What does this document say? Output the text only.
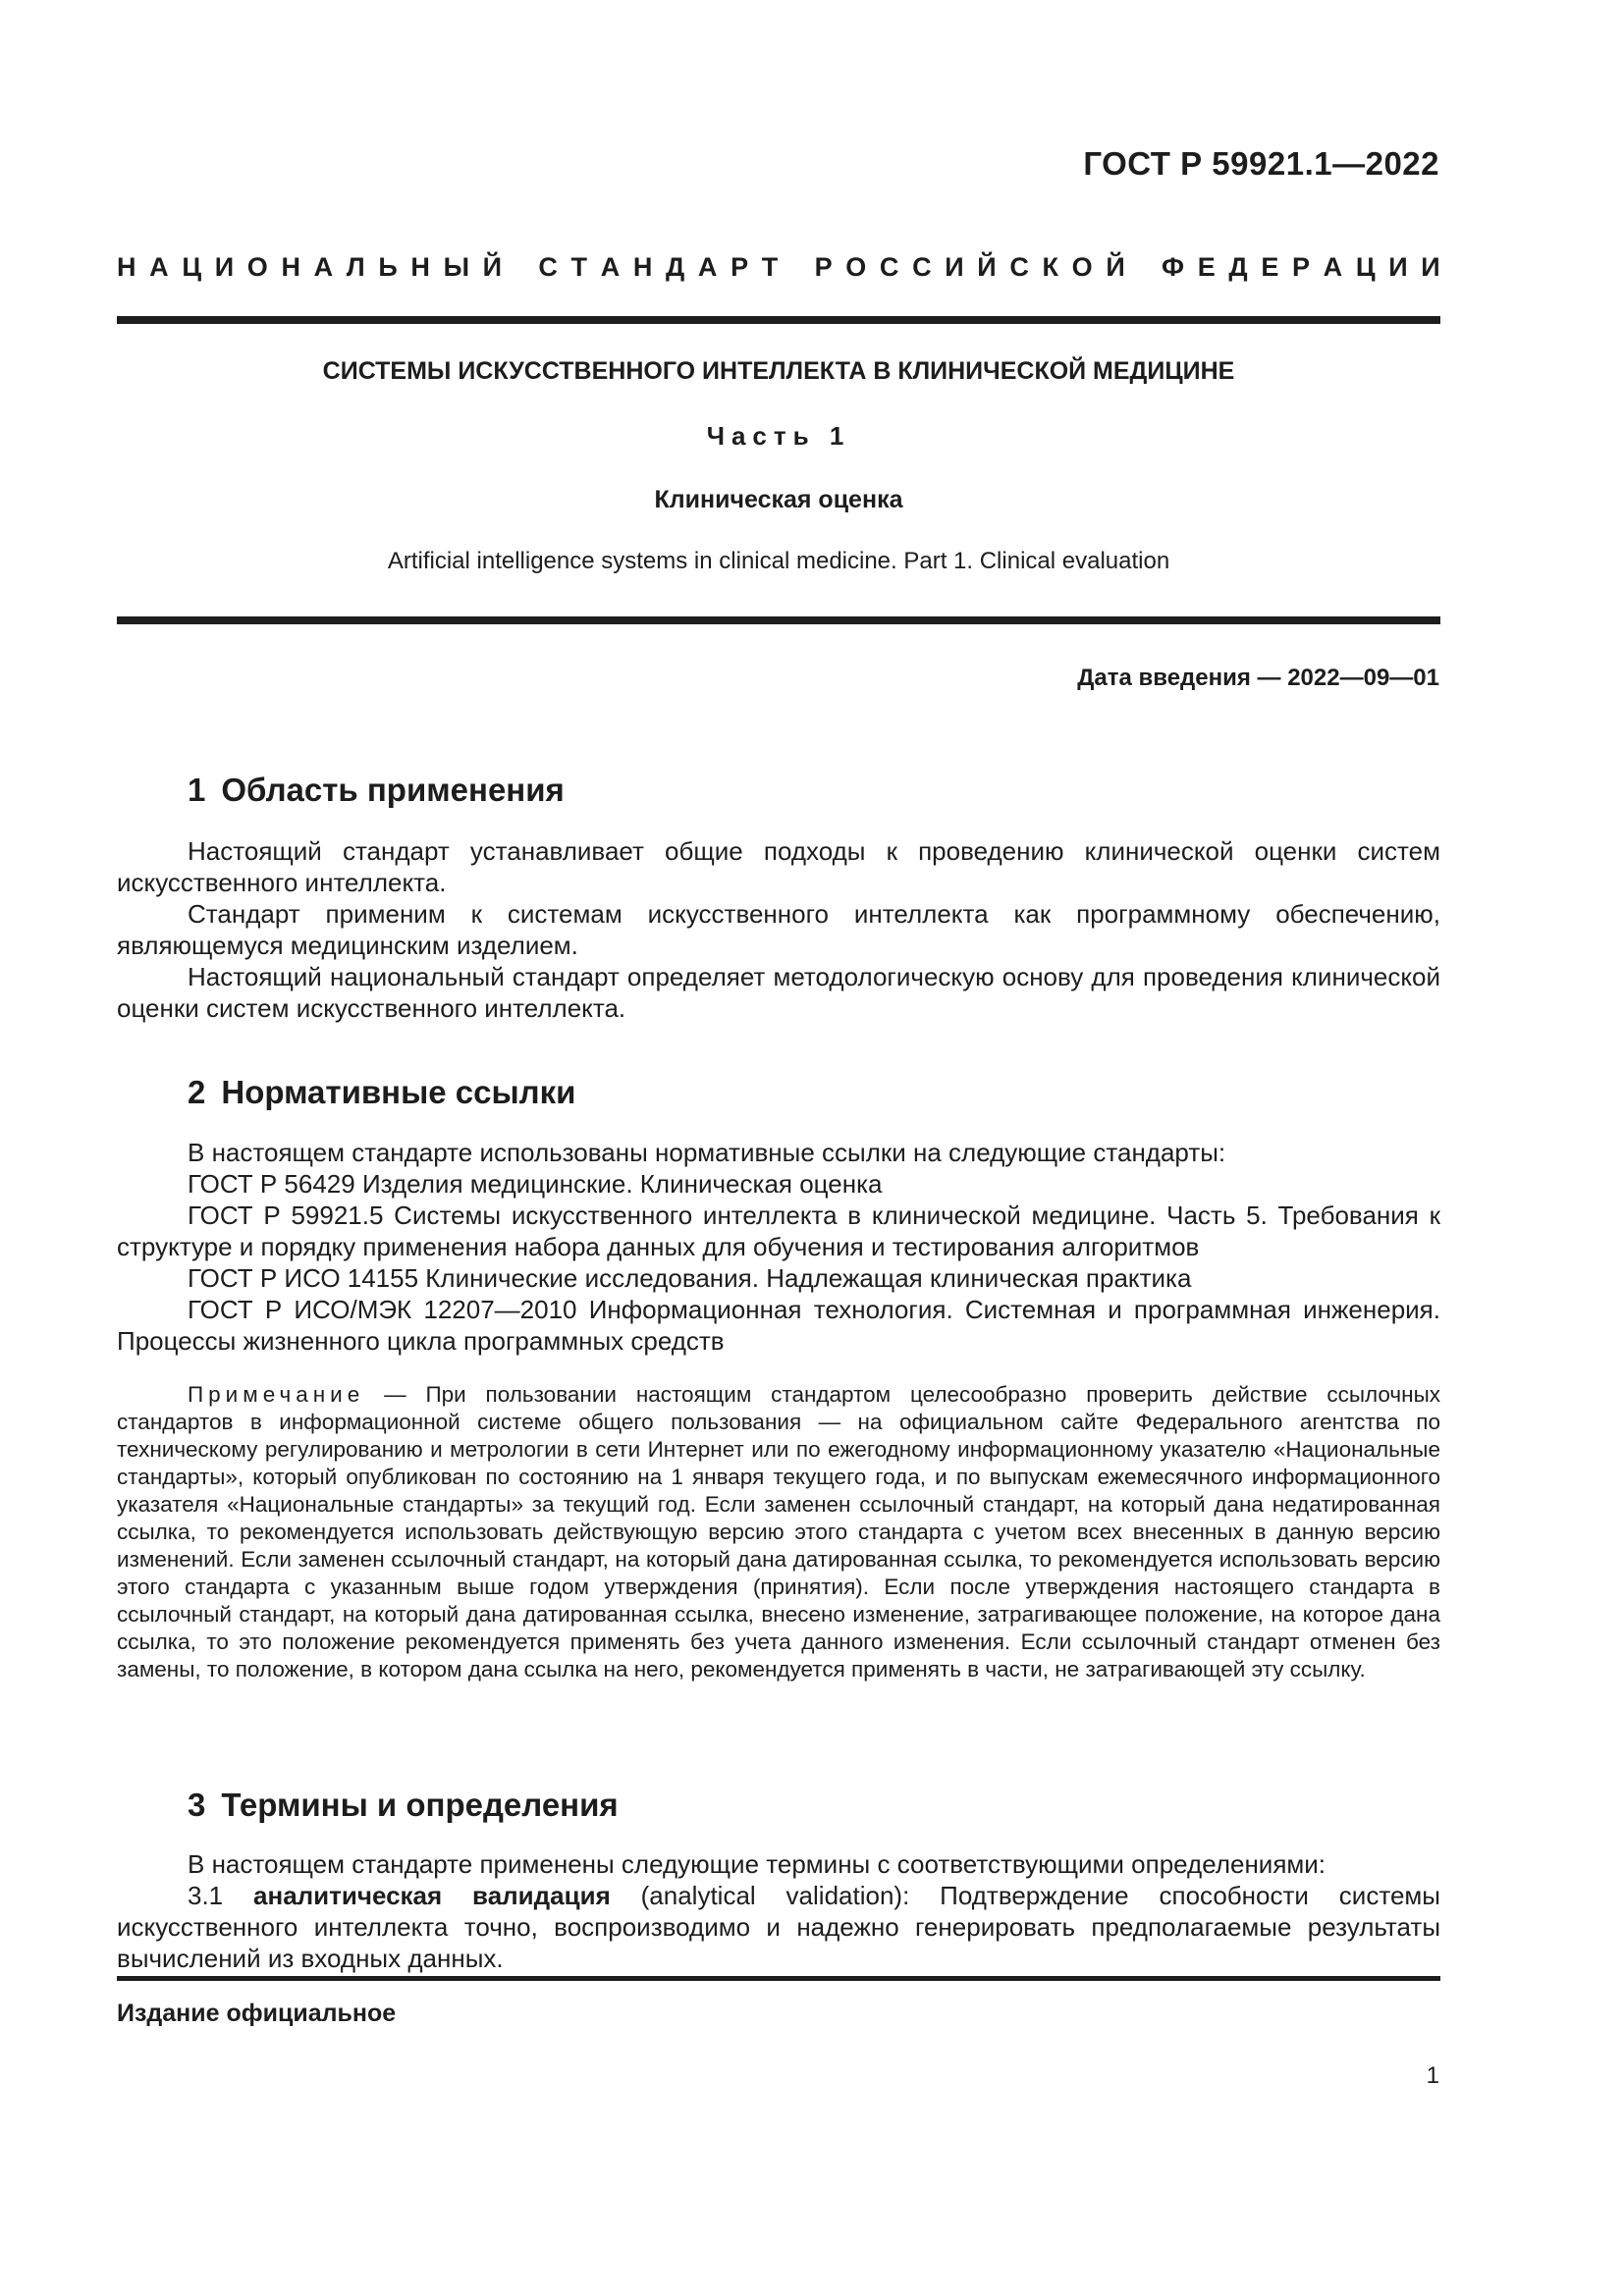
ГОСТ Р 59921.1—2022
Н А Ц И О Н А Л Ь Н Ы Й С Т А Н Д А Р Т Р О С С И Й С К О Й Ф Е Д Е Р А Ц И И
СИСТЕМЫ ИСКУССТВЕННОГО ИНТЕЛЛЕКТА В КЛИНИЧЕСКОЙ МЕДИЦИНЕ
Часть 1
Клиническая оценка
Artificial intelligence systems in clinical medicine. Part 1. Clinical evaluation
Дата введения — 2022—09—01
1 Область применения

Настоящий стандарт устанавливает общие подходы к проведению клинической оценки систем искусственного интеллекта.

Стандарт применим к системам искусственного интеллекта как программному обеспечению, являющемуся медицинским изделием.

Настоящий национальный стандарт определяет методологическую основу для проведения клинической оценки систем искусственного интеллекта.

2 Нормативные ссылки

В настоящем стандарте использованы нормативные ссылки на следующие стандарты:

ГОСТ Р 56429 Изделия медицинские. Клиническая оценка

ГОСТ Р 59921.5 Системы искусственного интеллекта в клинической медицине. Часть 5. Требования к структуре и порядку применения набора данных для обучения и тестирования алгоритмов

ГОСТ Р ИСО 14155 Клинические исследования. Надлежащая клиническая практика

ГОСТ Р ИСО/МЭК 12207—2010 Информационная технология. Системная и программная инженерия. Процессы жизненного цикла программных средств

Примечание — При пользовании настоящим стандартом целесообразно проверить действие ссылочных стандартов в информационной системе общего пользования — на официальном сайте Федерального агентства по техническому регулированию и метрологии в сети Интернет или по ежегодному информационному указателю «Национальные стандарты», который опубликован по состоянию на 1 января текущего года, и по выпускам ежемесячного информационного указателя «Национальные стандарты» за текущий год. Если заменен ссылочный стандарт, на который дана недатированная ссылка, то рекомендуется использовать действующую версию этого стандарта с учетом всех внесенных в данную версию изменений. Если заменен ссылочный стандарт, на который дана датированная ссылка, то рекомендуется использовать версию этого стандарта с указанным выше годом утверждения (принятия). Если после утверждения настоящего стандарта в ссылочный стандарт, на который дана датированная ссылка, внесено изменение, затрагивающее положение, на которое дана ссылка, то это положение рекомендуется применять без учета данного изменения. Если ссылочный стандарт отменен без замены, то положение, в котором дана ссылка на него, рекомендуется применять в части, не затрагивающей эту ссылку.
3 Термины и определения

В настоящем стандарте применены следующие термины с соответствующими определениями:

3.1 аналитическая валидация (analytical validation): Подтверждение способности системы искусственного интеллекта точно, воспроизводимо и надежно генерировать предполагаемые результаты вычислений из входных данных.

Издание официальное
1
